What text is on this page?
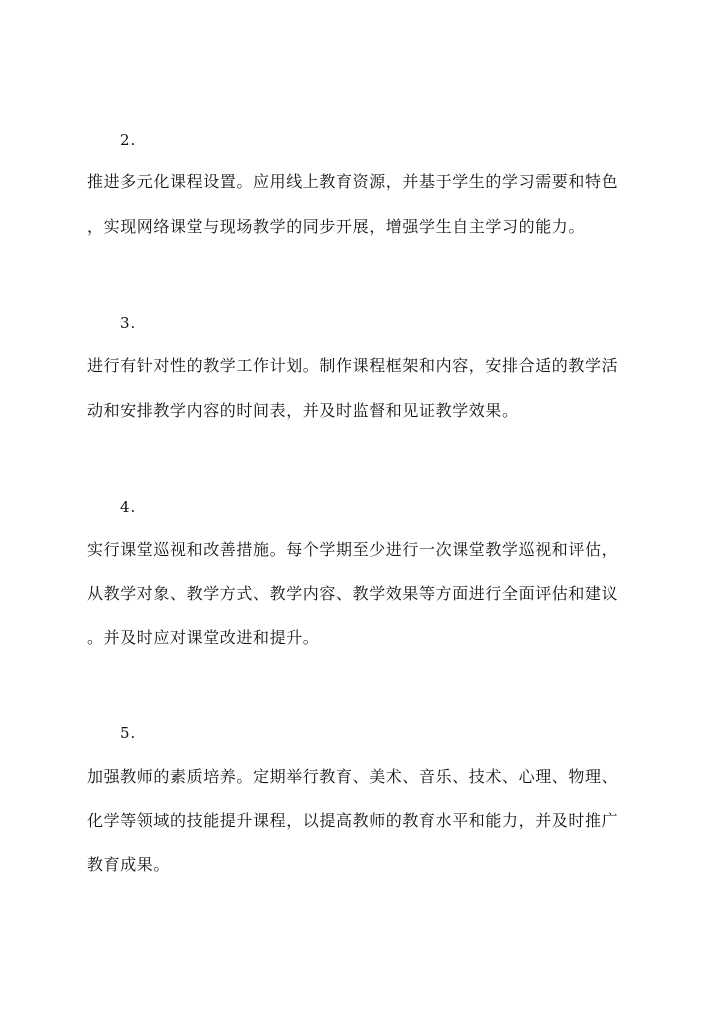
2.
推进多元化课程设置。应用线上教育资源，并基于学生的学习需要和特色
，实现网络课堂与现场教学的同步开展，增强学生自主学习的能力。
3.
进行有针对性的教学工作计划。制作课程框架和内容，安排合适的教学活
动和安排教学内容的时间表，并及时监督和见证教学效果。
4.
实行课堂巡视和改善措施。每个学期至少进行一次课堂教学巡视和评估，
从教学对象、教学方式、教学内容、教学效果等方面进行全面评估和建议
。并及时应对课堂改进和提升。
5.
加强教师的素质培养。定期举行教育、美术、音乐、技术、心理、物理、
化学等领域的技能提升课程，以提高教师的教育水平和能力，并及时推广
教育成果。
